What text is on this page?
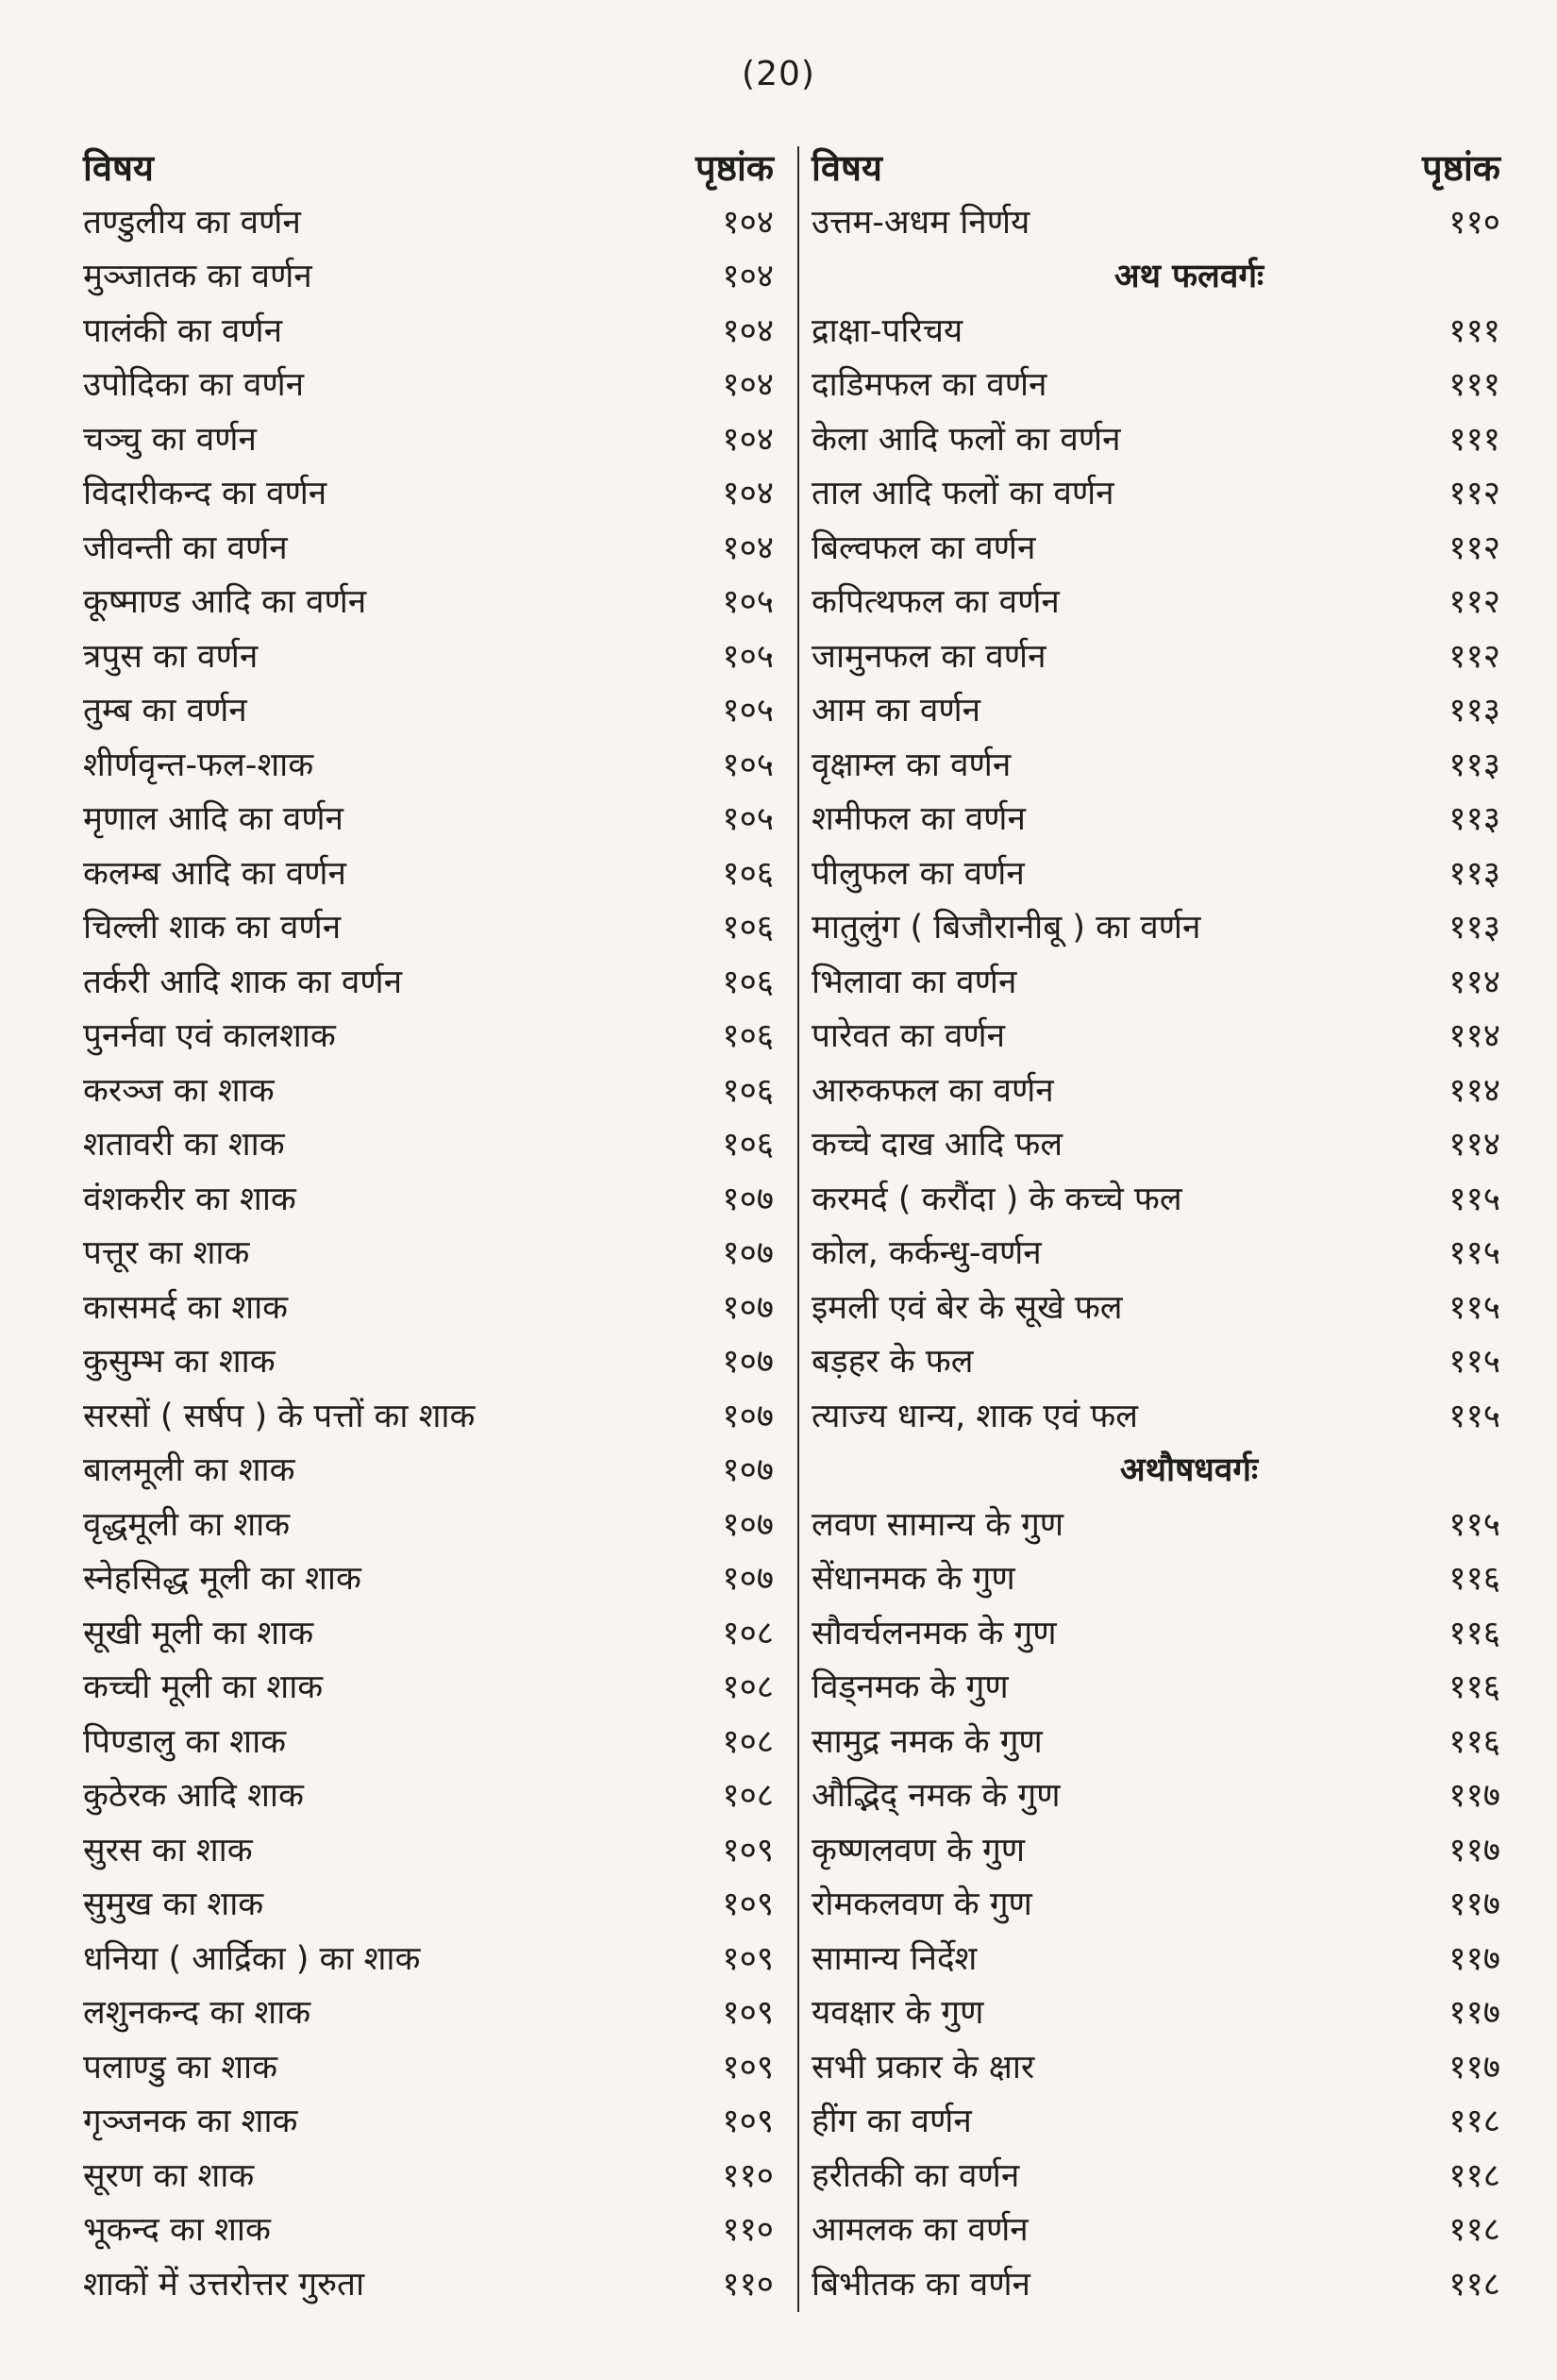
(20)
विषय	पृष्ठांक
तण्डुलीय का वर्णन	१०४
मुञ्जातक का वर्णन	१०४
पालंकी का वर्णन	१०४
उपोदिका का वर्णन	१०४
चञ्चु का वर्णन	१०४
विदारीकन्द का वर्णन	१०४
जीवन्ती का वर्णन	१०४
कूष्माण्ड आदि का वर्णन	१०५
त्रपुस का वर्णन	१०५
तुम्ब का वर्णन	१०५
शीर्णवृन्त-फल-शाक	१०५
मृणाल आदि का वर्णन	१०५
कलम्ब आदि का वर्णन	१०६
चिल्ली शाक का वर्णन	१०६
तर्करी आदि शाक का वर्णन	१०६
पुनर्नवा एवं कालशाक	१०६
करञ्ज का शाक	१०६
शतावरी का शाक	१०६
वंशकरीर का शाक	१०७
पत्तूर का शाक	१०७
कासमर्द का शाक	१०७
कुसुम्भ का शाक	१०७
सरसों ( सर्षप ) के पत्तों का शाक	१०७
बालमूली का शाक	१०७
वृद्धमूली का शाक	१०७
स्नेहसिद्ध मूली का शाक	१०७
सूखी मूली का शाक	१०८
कच्ची मूली का शाक	१०८
पिण्डालु का शाक	१०८
कुठेरक आदि शाक	१०८
सुरस का शाक	१०९
सुमुख का शाक	१०९
धनिया ( आर्द्रिका ) का शाक	१०९
लशुनकन्द का शाक	१०९
पलाण्डु का शाक	१०९
गृञ्जनक का शाक	१०९
सूरण का शाक	११०
भूकन्द का शाक	११०
शाकों में उत्तरोत्तर गुरुता	११०
विषय	पृष्ठांक
उत्तम-अधम निर्णय	११०
अथ फलवर्गः
द्राक्षा-परिचय	१११
दाडिमफल का वर्णन	१११
केला आदि फलों का वर्णन	१११
ताल आदि फलों का वर्णन	११२
बिल्वफल का वर्णन	११२
कपित्थफल का वर्णन	११२
जामुनफल का वर्णन	११२
आम का वर्णन	११३
वृक्षाम्ल का वर्णन	११३
शमीफल का वर्णन	११३
पीलुफल का वर्णन	११३
मातुलुंग ( बिजौरानीबू ) का वर्णन	११३
भिलावा का वर्णन	११४
पारेवत का वर्णन	११४
आरुकफल का वर्णन	११४
कच्चे दाख आदि फल	११४
करमर्द ( करौंदा ) के कच्चे फल	११५
कोल, कर्कन्धु-वर्णन	११५
इमली एवं बेर के सूखे फल	११५
बड़हर के फल	११५
त्याज्य धान्य, शाक एवं फल	११५
अथौषधवर्गः
लवण सामान्य के गुण	११५
सेंधानमक के गुण	११६
सौवर्चलनमक के गुण	११६
विड्नमक के गुण	११६
सामुद्र नमक के गुण	११६
औद्भिद् नमक के गुण	११७
कृष्णलवण के गुण	११७
रोमकलवण के गुण	११७
सामान्य निर्देश	११७
यवक्षार के गुण	११७
सभी प्रकार के क्षार	११७
हींग का वर्णन	११८
हरीतकी का वर्णन	११८
आमलक का वर्णन	११८
बिभीतक का वर्णन	११८
